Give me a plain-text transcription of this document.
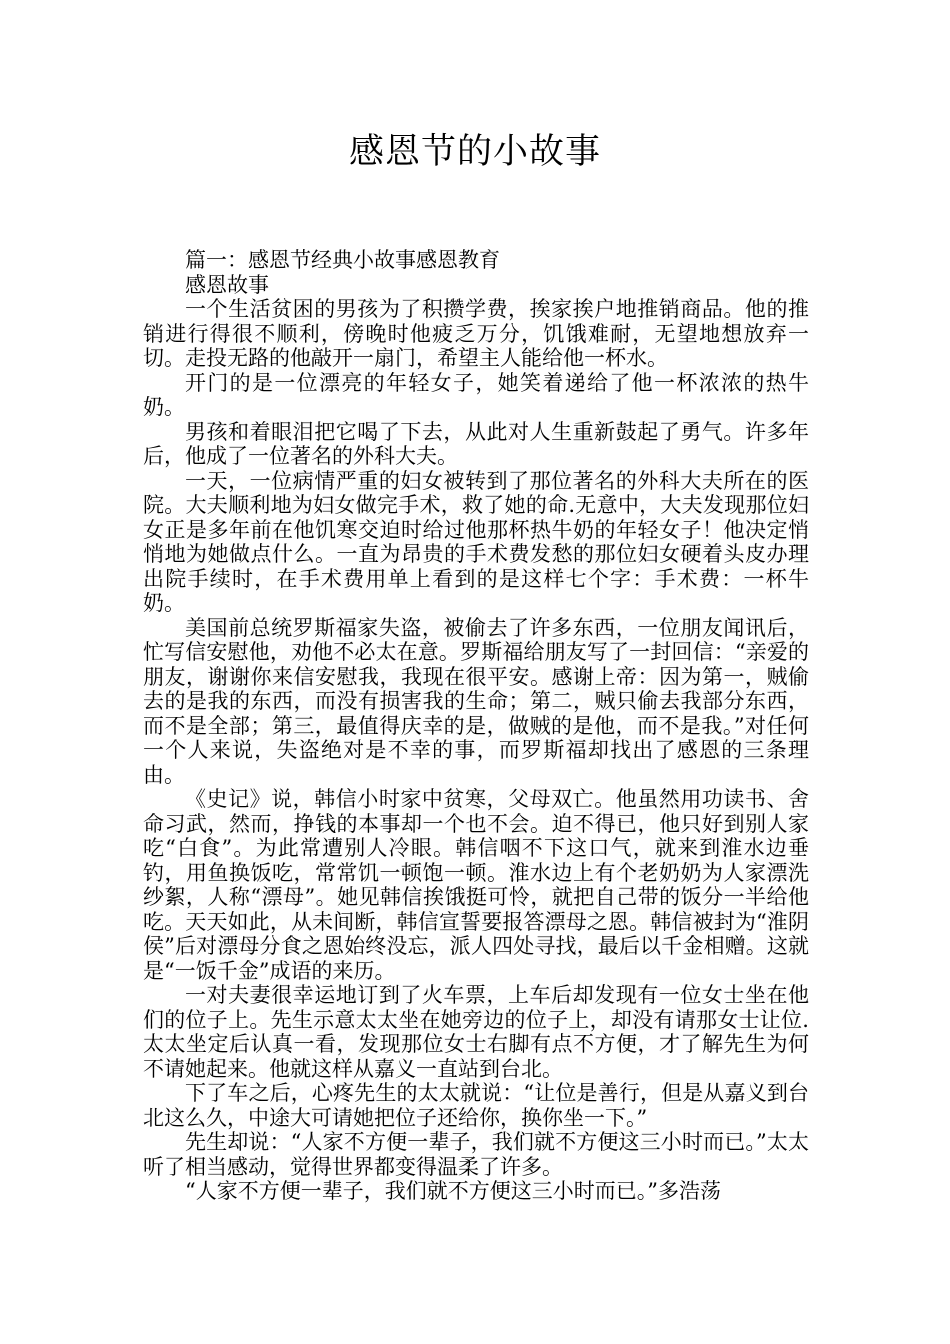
感恩节的小故事

篇一：感恩节经典小故事感恩教育

感恩故事

一个生活贫困的男孩为了积攒学费，挨家挨户地推销商品。他的推销进行得很不顺利，傍晚时他疲乏万分，饥饿难耐，无望地想放弃一切。走投无路的他敲开一扇门，希望主人能给他一杯水。

开门的是一位漂亮的年轻女子，她笑着递给了他一杯浓浓的热牛奶。

男孩和着眼泪把它喝了下去，从此对人生重新鼓起了勇气。许多年后，他成了一位著名的外科大夫。

一天，一位病情严重的妇女被转到了那位著名的外科大夫所在的医院。大夫顺利地为妇女做完手术，救了她的命.无意中，大夫发现那位妇女正是多年前在他饥寒交迫时给过他那杯热牛奶的年轻女子！他决定悄悄地为她做点什么。一直为昂贵的手术费发愁的那位妇女硬着头皮办理出院手续时，在手术费用单上看到的是这样七个字：手术费：一杯牛奶。

美国前总统罗斯福家失盗，被偷去了许多东西，一位朋友闻讯后，忙写信安慰他，劝他不必太在意。罗斯福给朋友写了一封回信：“亲爱的朋友，谢谢你来信安慰我，我现在很平安。感谢上帝：因为第一，贼偷去的是我的东西，而没有损害我的生命；第二，贼只偷去我部分东西，而不是全部；第三，最值得庆幸的是，做贼的是他，而不是我。”对任何一个人来说，失盗绝对是不幸的事，而罗斯福却找出了感恩的三条理由。

《史记》说，韩信小时家中贫寒，父母双亡。他虽然用功读书、舍命习武，然而，挣钱的本事却一个也不会。迫不得已，他只好到别人家吃“白食”。为此常遭别人冷眼。韩信咽不下这口气，就来到淮水边垂钓，用鱼换饭吃，常常饥一顿饱一顿。淮水边上有个老奶奶为人家漂洗纱絮，人称“漂母”。她见韩信挨饿挺可怜，就把自己带的饭分一半给他吃。天天如此，从未间断，韩信宣誓要报答漂母之恩。韩信被封为“淮阴侯”后对漂母分食之恩始终没忘，派人四处寻找，最后以千金相赠。这就是“一饭千金”成语的来历。

一对夫妻很幸运地订到了火车票，上车后却发现有一位女士坐在他们的位子上。先生示意太太坐在她旁边的位子上，却没有请那女士让位.太太坐定后认真一看，发现那位女士右脚有点不方便，才了解先生为何不请她起来。他就这样从嘉义一直站到台北。

下了车之后，心疼先生的太太就说：“让位是善行，但是从嘉义到台北这么久，中途大可请她把位子还给你，换你坐一下。”

先生却说：“人家不方便一辈子，我们就不方便这三小时而已。”太太听了相当感动，觉得世界都变得温柔了许多。

“人家不方便一辈子，我们就不方便这三小时而已。”多浩荡
